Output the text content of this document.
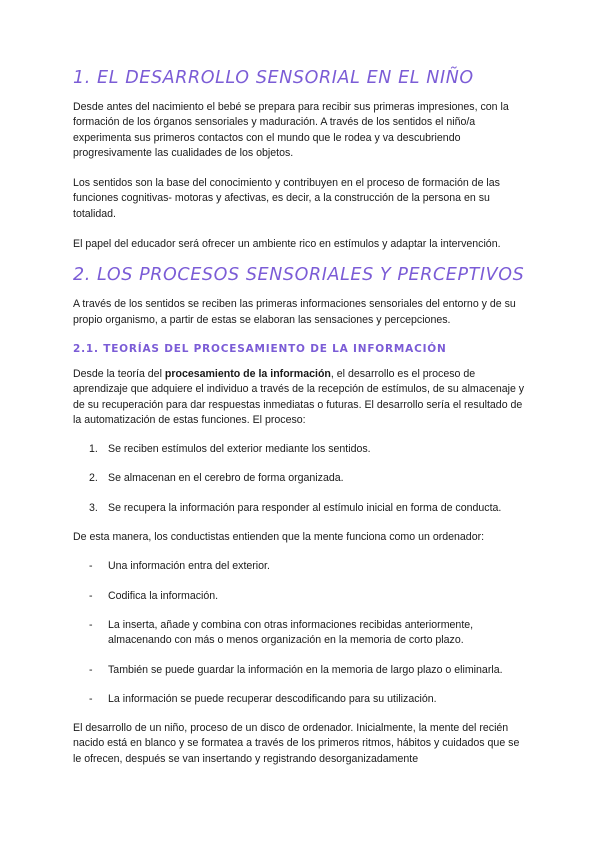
1. EL DESARROLLO SENSORIAL EN EL NIÑO

Desde antes del nacimiento el bebé se prepara para recibir sus primeras impresiones, con la formación de los órganos sensoriales y maduración. A través de los sentidos el niño/a experimenta sus primeros contactos con el mundo que le rodea y va descubriendo progresivamente las cualidades de los objetos.

Los sentidos son la base del conocimiento y contribuyen en el proceso de formación de las funciones cognitivas- motoras y afectivas, es decir, a la construcción de la persona en su totalidad.

El papel del educador será ofrecer un ambiente rico en estímulos y adaptar la intervención.

2. LOS PROCESOS SENSORIALES Y PERCEPTIVOS

A través de los sentidos se reciben las primeras informaciones sensoriales del entorno y de su propio organismo, a partir de estas se elaboran las sensaciones y percepciones.

2.1. TEORÍAS DEL PROCESAMIENTO DE LA INFORMACIÓN

Desde la teoría del procesamiento de la información, el desarrollo es el proceso de aprendizaje que adquiere el individuo a través de la recepción de estímulos, de su almacenaje y de su recuperación para dar respuestas inmediatas o futuras. El desarrollo sería el resultado de la automatización de estas funciones. El proceso:

1. Se reciben estímulos del exterior mediante los sentidos.
2. Se almacenan en el cerebro de forma organizada.
3. Se recupera la información para responder al estímulo inicial en forma de conducta.

De esta manera, los conductistas entienden que la mente funciona como un ordenador:

- Una información entra del exterior.
- Codifica la información.
- La inserta, añade y combina con otras informaciones recibidas anteriormente, almacenando con más o menos organización en la memoria de corto plazo.
- También se puede guardar la información en la memoria de largo plazo o eliminarla.
- La información se puede recuperar descodificando para su utilización.

El desarrollo de un niño, proceso de un disco de ordenador. Inicialmente, la mente del recién nacido está en blanco y se formatea a través de los primeros ritmos, hábitos y cuidados que se le ofrecen, después se van insertando y registrando desorganizadamente
